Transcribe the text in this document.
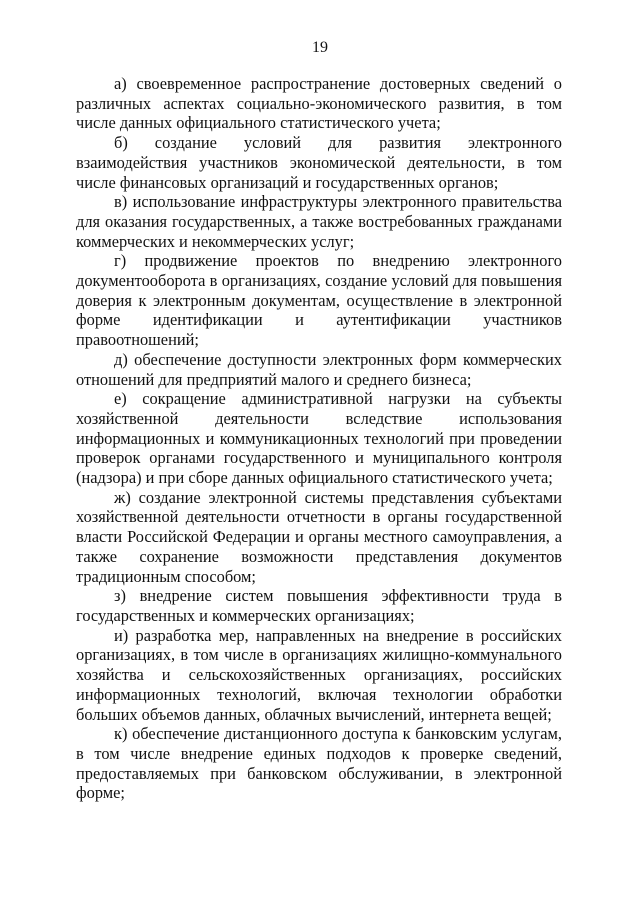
19

а) своевременное распространение достоверных сведений о различных аспектах социально-экономического развития, в том числе данных официального статистического учета;

б) создание условий для развития электронного взаимодействия участников экономической деятельности, в том числе финансовых организаций и государственных органов;

в) использование инфраструктуры электронного правительства для оказания государственных, а также востребованных гражданами коммерческих и некоммерческих услуг;

г) продвижение проектов по внедрению электронного документооборота в организациях, создание условий для повышения доверия к электронным документам, осуществление в электронной форме идентификации и аутентификации участников правоотношений;

д) обеспечение доступности электронных форм коммерческих отношений для предприятий малого и среднего бизнеса;

е) сокращение административной нагрузки на субъекты хозяйственной деятельности вследствие использования информационных и коммуникационных технологий при проведении проверок органами государственного и муниципального контроля (надзора) и при сборе данных официального статистического учета;

ж) создание электронной системы представления субъектами хозяйственной деятельности отчетности в органы государственной власти Российской Федерации и органы местного самоуправления, а также сохранение возможности представления документов традиционным способом;

з) внедрение систем повышения эффективности труда в государственных и коммерческих организациях;

и) разработка мер, направленных на внедрение в российских организациях, в том числе в организациях жилищно-коммунального хозяйства и сельскохозяйственных организациях, российских информационных технологий, включая технологии обработки больших объемов данных, облачных вычислений, интернета вещей;

к) обеспечение дистанционного доступа к банковским услугам, в том числе внедрение единых подходов к проверке сведений, предоставляемых при банковском обслуживании, в электронной форме;
